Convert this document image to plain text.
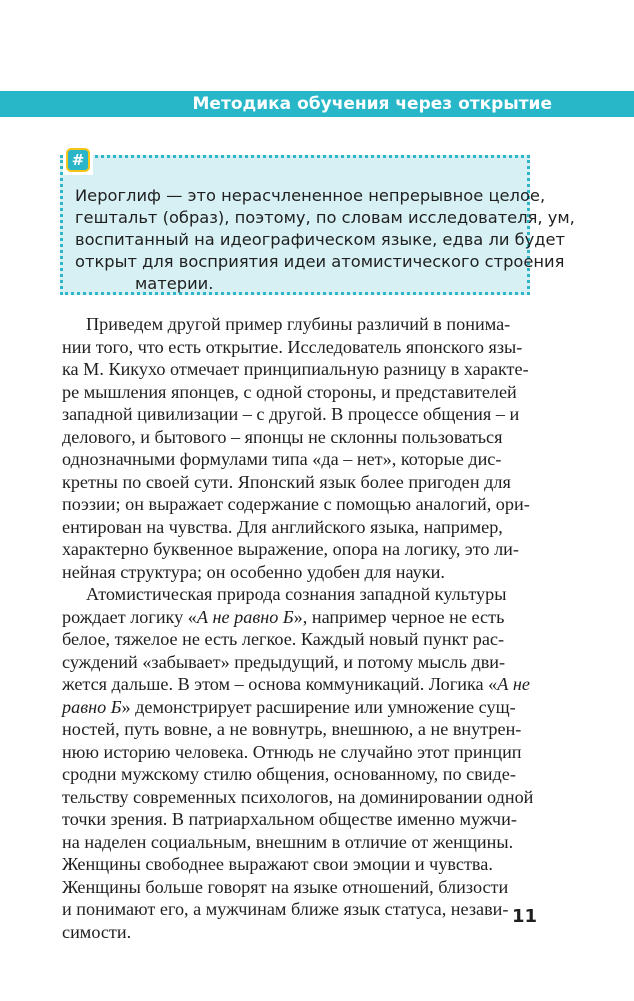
Методика обучения через открытие
#
Иероглиф — это нерасчлененное непрерывное целое,
гештальт (образ), поэтому, по словам исследователя, ум,
воспитанный на идеографическом языке, едва ли будет
открыт для восприятия идеи атомистического строения
материи.
Приведем другой пример глубины различий в понима-
нии того, что есть открытие. Исследователь японского язы-
ка М. Кикухо отмечает принципиальную разницу в характе-
ре мышления японцев, с одной стороны, и представителей
западной цивилизации – с другой. В процессе общения – и
делового, и бытового – японцы не склонны пользоваться
однозначными формулами типа «да – нет», которые дис-
кретны по своей сути. Японский язык более пригоден для
поэзии; он выражает содержание с помощью аналогий, ори-
ентирован на чувства. Для английского языка, например,
характерно буквенное выражение, опора на логику, это ли-
нейная структура; он особенно удобен для науки.
Атомистическая природа сознания западной культуры
рождает логику «А не равно Б», например черное не есть
белое, тяжелое не есть легкое. Каждый новый пункт рас-
суждений «забывает» предыдущий, и потому мысль дви-
жется дальше. В этом – основа коммуникаций. Логика «А не
равно Б» демонстрирует расширение или умножение сущ-
ностей, путь вовне, а не вовнутрь, внешнюю, а не внутрен-
нюю историю человека. Отнюдь не случайно этот принцип
сродни мужскому стилю общения, основанному, по свиде-
тельству современных психологов, на доминировании одной
точки зрения. В патриархальном обществе именно мужчи-
на наделен социальным, внешним в отличие от женщины.
Женщины свободнее выражают свои эмоции и чувства.
Женщины больше говорят на языке отношений, близости
и понимают его, а мужчинам ближе язык статуса, незави-
симости.
11
